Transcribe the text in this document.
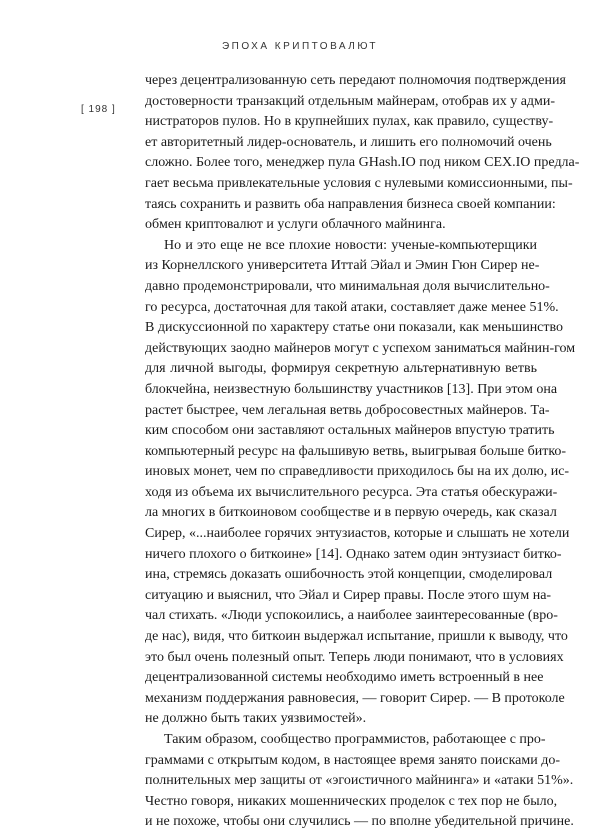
ЭПОХА КРИПТОВАЛЮТ
[ 198 ]
через децентрализованную сеть передают полномочия подтверждения
достоверности транзакций отдельным майнерам, отобрав их у адми-
нистраторов пулов. Но в крупнейших пулах, как правило, существу-
ет авторитетный лидер-основатель, и лишить его полномочий очень
сложно. Более того, менеджер пула GHash.IO под ником CEX.IO предла-
гает весьма привлекательные условия с нулевыми комиссионными, пы-
таясь сохранить и развить оба направления бизнеса своей компании:
обмен криптовалют и услуги облачного майнинга.
Но и это еще не все плохие новости: ученые-компьютерщики
из Корнеллского университета Иттай Эйал и Эмин Гюн Сирер не-
давно продемонстрировали, что минимальная доля вычислительно-
го ресурса, достаточная для такой атаки, составляет даже менее 51%.
В дискуссионной по характеру статье они показали, как меньшинство
действующих заодно майнеров могут с успехом заниматься майнин-гом
для личной выгоды, формируя секретную альтернативную ветвь
блокчейна, неизвестную большинству участников [13]. При этом она
растет быстрее, чем легальная ветвь добросовестных майнеров. Та-
ким способом они заставляют остальных майнеров впустую тратить
компьютерный ресурс на фальшивую ветвь, выигрывая больше битко-
иновых монет, чем по справедливости приходилось бы на их долю, ис-
ходя из объема их вычислительного ресурса. Эта статья обескуражи-
ла многих в биткоиновом сообществе и в первую очередь, как сказал
Сирер, «...наиболее горячих энтузиастов, которые и слышать не хотели
ничего плохого о биткоине» [14]. Однако затем один энтузиаст битко-
ина, стремясь доказать ошибочность этой концепции, смоделировал
ситуацию и выяснил, что Эйал и Сирер правы. После этого шум на-
чал стихать. «Люди успокоились, а наиболее заинтересованные (вро-
де нас), видя, что биткоин выдержал испытание, пришли к выводу, что
это был очень полезный опыт. Теперь люди понимают, что в условиях
децентрализованной системы необходимо иметь встроенный в нее
механизм поддержания равновесия, — говорит Сирер. — В протоколе
не должно быть таких уязвимостей».
Таким образом, сообщество программистов, работающее с про-
граммами с открытым кодом, в настоящее время занято поисками до-
полнительных мер защиты от «эгоистичного майнинга» и «атаки 51%».
Честно говоря, никаких мошеннических проделок с тех пор не было,
и не похоже, чтобы они случились — по вполне убедительной причине.
